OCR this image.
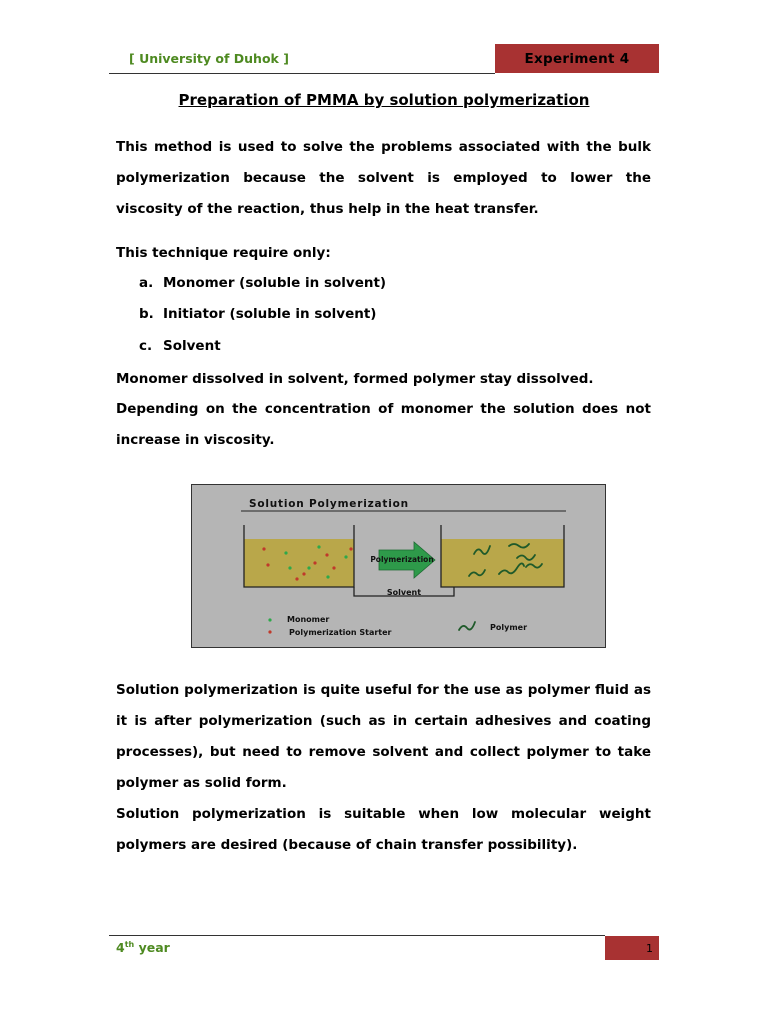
[ University of Duhok ]	Experiment 4
Preparation of PMMA by solution polymerization
This method is used to solve the problems associated with the bulk polymerization because the solvent is employed to lower the viscosity of the reaction, thus help in the heat transfer.
This technique require only:
a. Monomer (soluble in solvent)
b. Initiator (soluble in solvent)
c. Solvent
Monomer dissolved in solvent, formed polymer stay dissolved.
Depending on the concentration of monomer the solution does not increase in viscosity.
Solution Polymerization
Solvent
Polymerization
Monomer
Polymerization Starter
Polymer
Solution polymerization is quite useful for the use as polymer fluid as it is after polymerization (such as in certain adhesives and coating processes), but need to remove solvent and collect polymer to take polymer as solid form.
Solution polymerization is suitable when low molecular weight polymers are desired (because of chain transfer possibility).
4th year	1
